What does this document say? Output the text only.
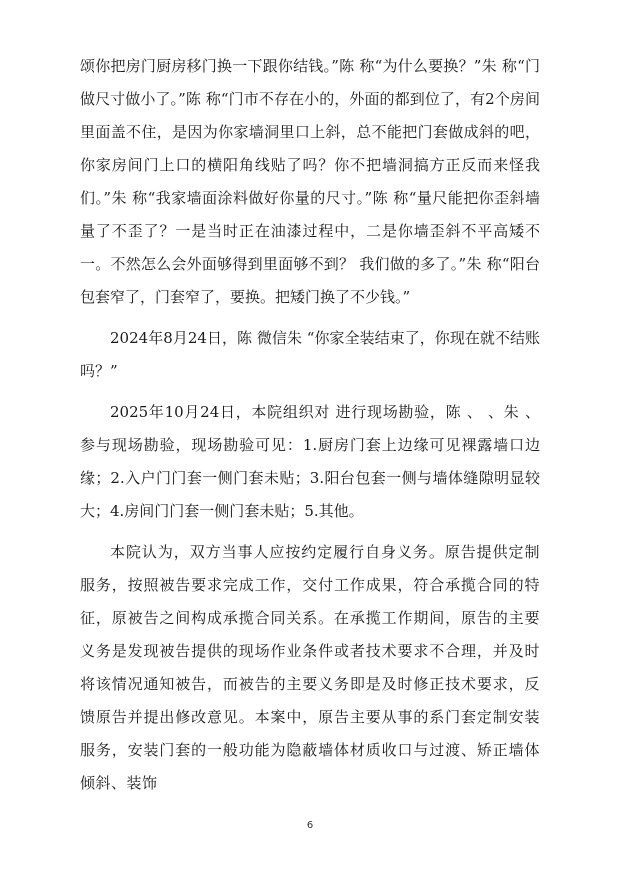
颂你把房门厨房移门换一下跟你结钱。”陈 称“为什么要换？”朱 称“门做尺寸做小了。”陈 称“门市不存在小的，外面的都到位了，有2个房间里面盖不住，是因为你家墙洞里口上斜，总不能把门套做成斜的吧，你家房间门上口的横阳角线贴了吗？你不把墙洞搞方正反而来怪我们。”朱 称“我家墙面涂料做好你量的尺寸。”陈 称“量尺能把你歪斜墙量了不歪了？一是当时正在油漆过程中，二是你墙歪斜不平高矮不一。不然怎么会外面够得到里面够不到？ 我们做的多了。”朱 称“阳台包套窄了，门套窄了，要换。把矮门换了不少钱。”

2024年8月24日，陈 微信朱 “你家全装结束了，你现在就不结账吗？”

2025年10月24日，本院组织对 进行现场勘验，陈 、 、朱 、 参与现场勘验，现场勘验可见：1.厨房门套上边缘可见裸露墙口边缘；2.入户门门套一侧门套未贴；3.阳台包套一侧与墙体缝隙明显较大；4.房间门门套一侧门套未贴；5.其他。

本院认为，双方当事人应按约定履行自身义务。原告提供定制服务，按照被告要求完成工作，交付工作成果，符合承揽合同的特征，原被告之间构成承揽合同关系。在承揽工作期间，原告的主要义务是发现被告提供的现场作业条件或者技术要求不合理，并及时将该情况通知被告，而被告的主要义务即是及时修正技术要求，反馈原告并提出修改意见。本案中，原告主要从事的系门套定制安装服务，安装门套的一般功能为隐蔽墙体材质收口与过渡、矫正墙体倾斜、装饰

6
